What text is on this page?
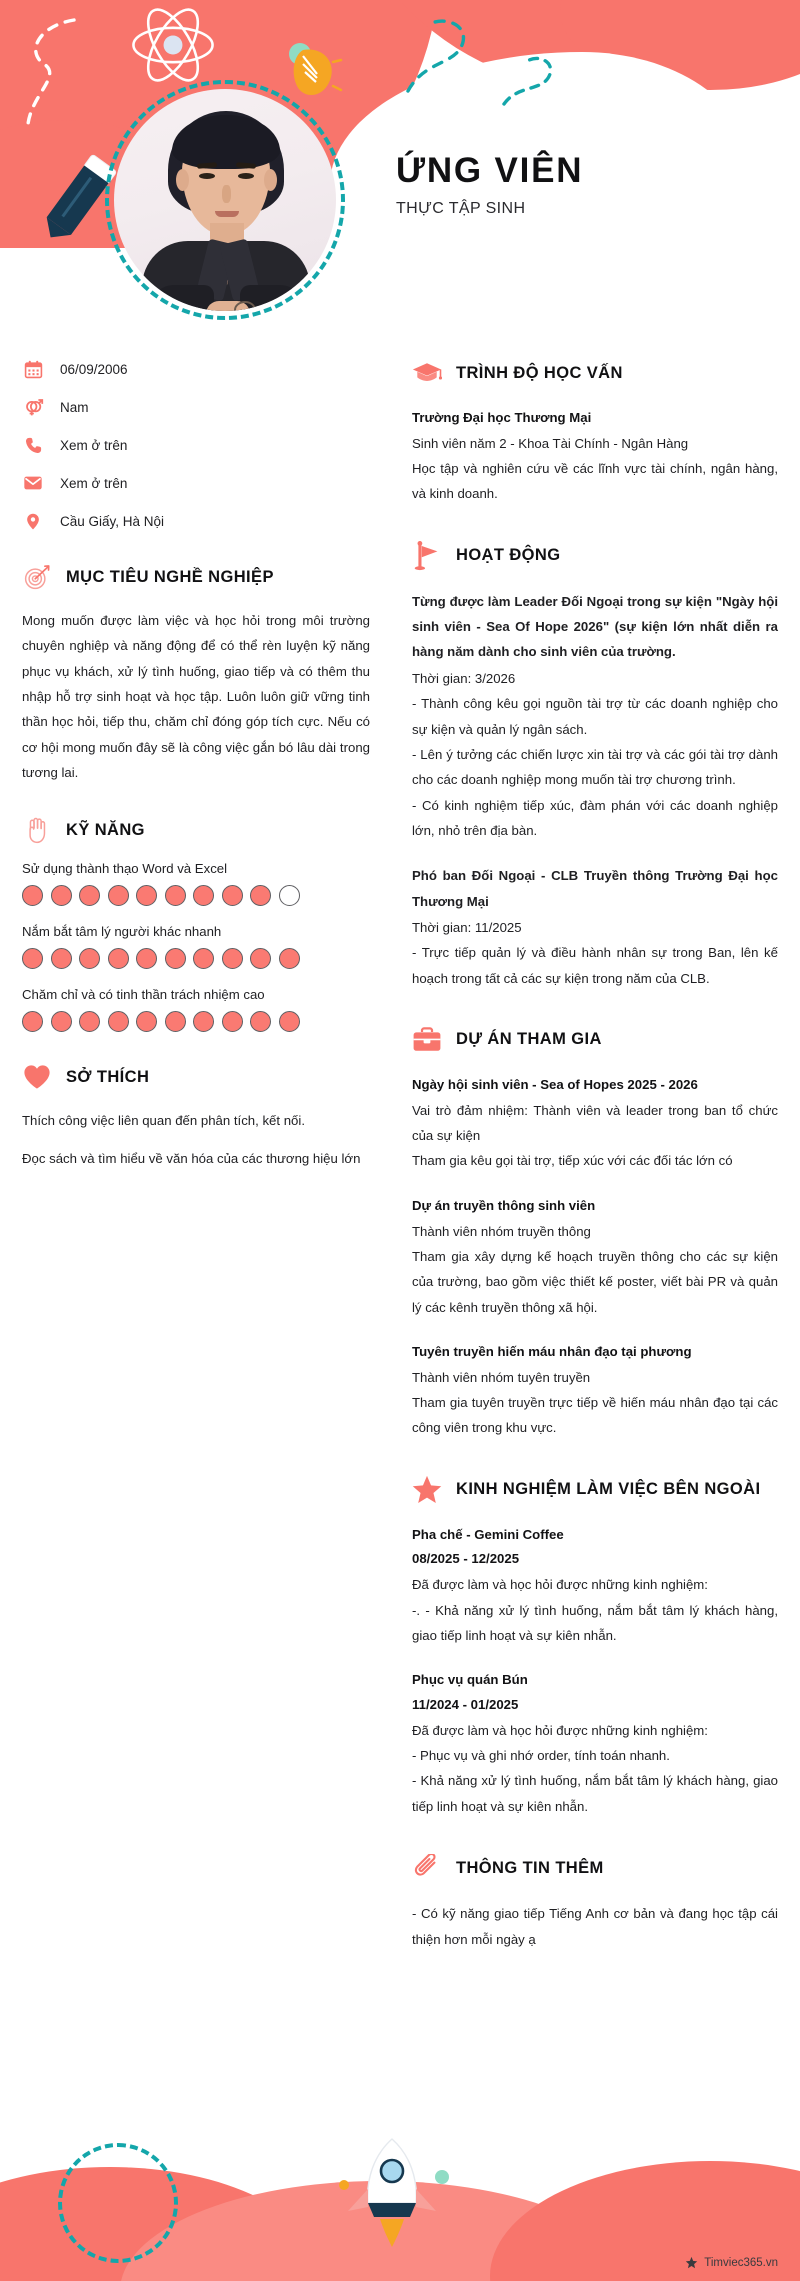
ỨNG VIÊN
THỰC TẬP SINH
06/09/2006
Nam
Xem ở trên
Xem ở trên
Cầu Giấy, Hà Nội
MỤC TIÊU NGHỀ NGHIỆP
Mong muốn được làm việc và học hỏi trong môi trường chuyên nghiệp và năng động để có thể rèn luyện kỹ năng phục vụ khách, xử lý tình huống, giao tiếp và có thêm thu nhập hỗ trợ sinh hoạt và học tập. Luôn luôn giữ vững tinh thần học hỏi, tiếp thu, chăm chỉ đóng góp tích cực. Nếu có cơ hội mong muốn đây sẽ là công việc gắn bó lâu dài trong tương lai.
KỸ NĂNG
Sử dụng thành thạo Word và Excel
Nắm bắt tâm lý người khác nhanh
Chăm chỉ và có tinh thần trách nhiệm cao
SỞ THÍCH
Thích công việc liên quan đến phân tích, kết nối.
Đọc sách và tìm hiểu về văn hóa của các thương hiệu lớn
TRÌNH ĐỘ HỌC VẤN
Trường Đại học Thương Mại
Sinh viên năm 2 - Khoa Tài Chính - Ngân Hàng
Học tập và nghiên cứu về các lĩnh vực tài chính, ngân hàng, và kinh doanh.
HOẠT ĐỘNG
Từng được làm Leader Đối Ngoại trong sự kiện "Ngày hội sinh viên - Sea Of Hope 2026" (sự kiện lớn nhất diễn ra hàng năm dành cho sinh viên của trường.
Thời gian: 3/2026
- Thành công kêu gọi nguồn tài trợ từ các doanh nghiệp cho sự kiện và quản lý ngân sách.
- Lên ý tưởng các chiến lược xin tài trợ và các gói tài trợ dành cho các doanh nghiệp mong muốn tài trợ chương trình.
- Có kinh nghiệm tiếp xúc, đàm phán với các doanh nghiệp lớn, nhỏ trên địa bàn.
Phó ban Đối Ngoại - CLB Truyền thông Trường Đại học Thương Mại
Thời gian: 11/2025
- Trực tiếp quản lý và điều hành nhân sự trong Ban, lên kế hoạch trong tất cả các sự kiện trong năm của CLB.
DỰ ÁN THAM GIA
Ngày hội sinh viên - Sea of Hopes 2025 - 2026
Vai trò đảm nhiệm: Thành viên và leader trong ban tổ chức của sự kiện
Tham gia kêu gọi tài trợ, tiếp xúc với các đối tác lớn có
Dự án truyền thông sinh viên
Thành viên nhóm truyền thông
Tham gia xây dựng kế hoạch truyền thông cho các sự kiện của trường, bao gồm việc thiết kế poster, viết bài PR và quản lý các kênh truyền thông xã hội.
Tuyên truyền hiến máu nhân đạo tại phương
Thành viên nhóm tuyên truyền
Tham gia tuyên truyền trực tiếp về hiến máu nhân đạo tại các công viên trong khu vực.
KINH NGHIỆM LÀM VIỆC BÊN NGOÀI
Pha chế - Gemini Coffee
08/2025 - 12/2025
Đã được làm và học hỏi được những kinh nghiệm:
-. - Khả năng xử lý tình huống, nắm bắt tâm lý khách hàng, giao tiếp linh hoạt và sự kiên nhẫn.
Phục vụ quán Bún
11/2024 - 01/2025
Đã được làm và học hỏi được những kinh nghiệm:
- Phục vụ và ghi nhớ order, tính toán nhanh.
- Khả năng xử lý tình huống, nắm bắt tâm lý khách hàng, giao tiếp linh hoạt và sự kiên nhẫn.
THÔNG TIN THÊM
- Có kỹ năng giao tiếp Tiếng Anh cơ bản và đang học tập cái thiện hơn mỗi ngày ạ
Timviec365.vn
